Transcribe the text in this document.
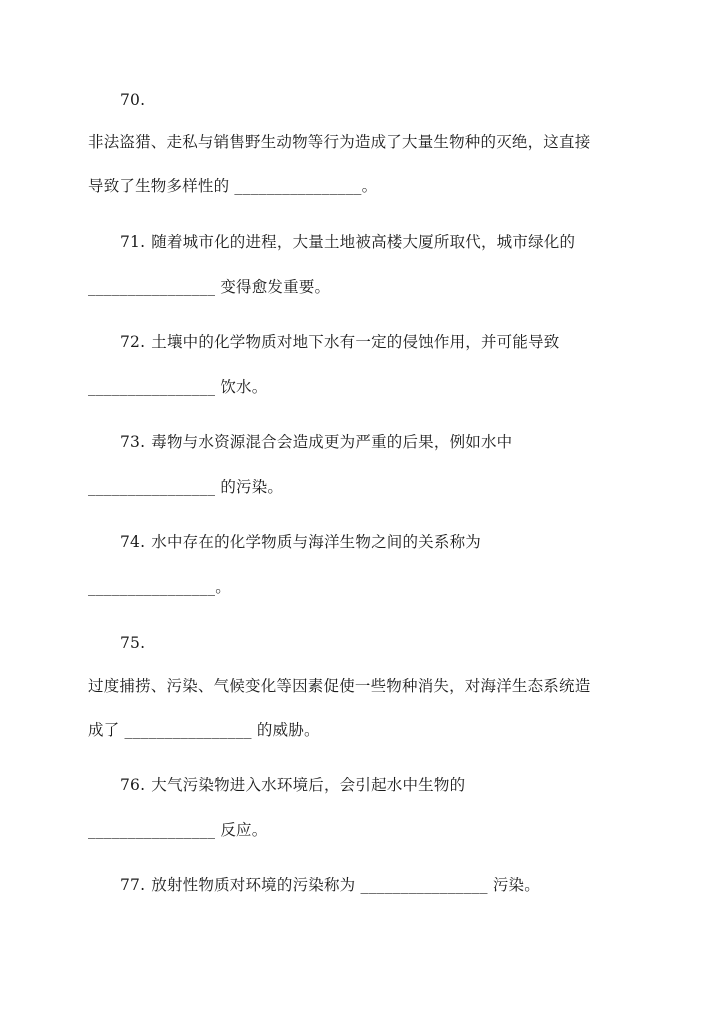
70.
非法盗猎、走私与销售野生动物等行为造成了大量生物种的灭绝，这直接
导致了生物多样性的 ________________。
71. 随着城市化的进程，大量土地被高楼大厦所取代，城市绿化的
________________ 变得愈发重要。
72. 土壤中的化学物质对地下水有一定的侵蚀作用，并可能导致
________________ 饮水。
73. 毒物与水资源混合会造成更为严重的后果，例如水中
________________ 的污染。
74. 水中存在的化学物质与海洋生物之间的关系称为
________________。
75.
过度捕捞、污染、气候变化等因素促使一些物种消失，对海洋生态系统造
成了 ________________ 的威胁。
76. 大气污染物进入水环境后，会引起水中生物的
________________ 反应。
77. 放射性物质对环境的污染称为 ________________ 污染。
